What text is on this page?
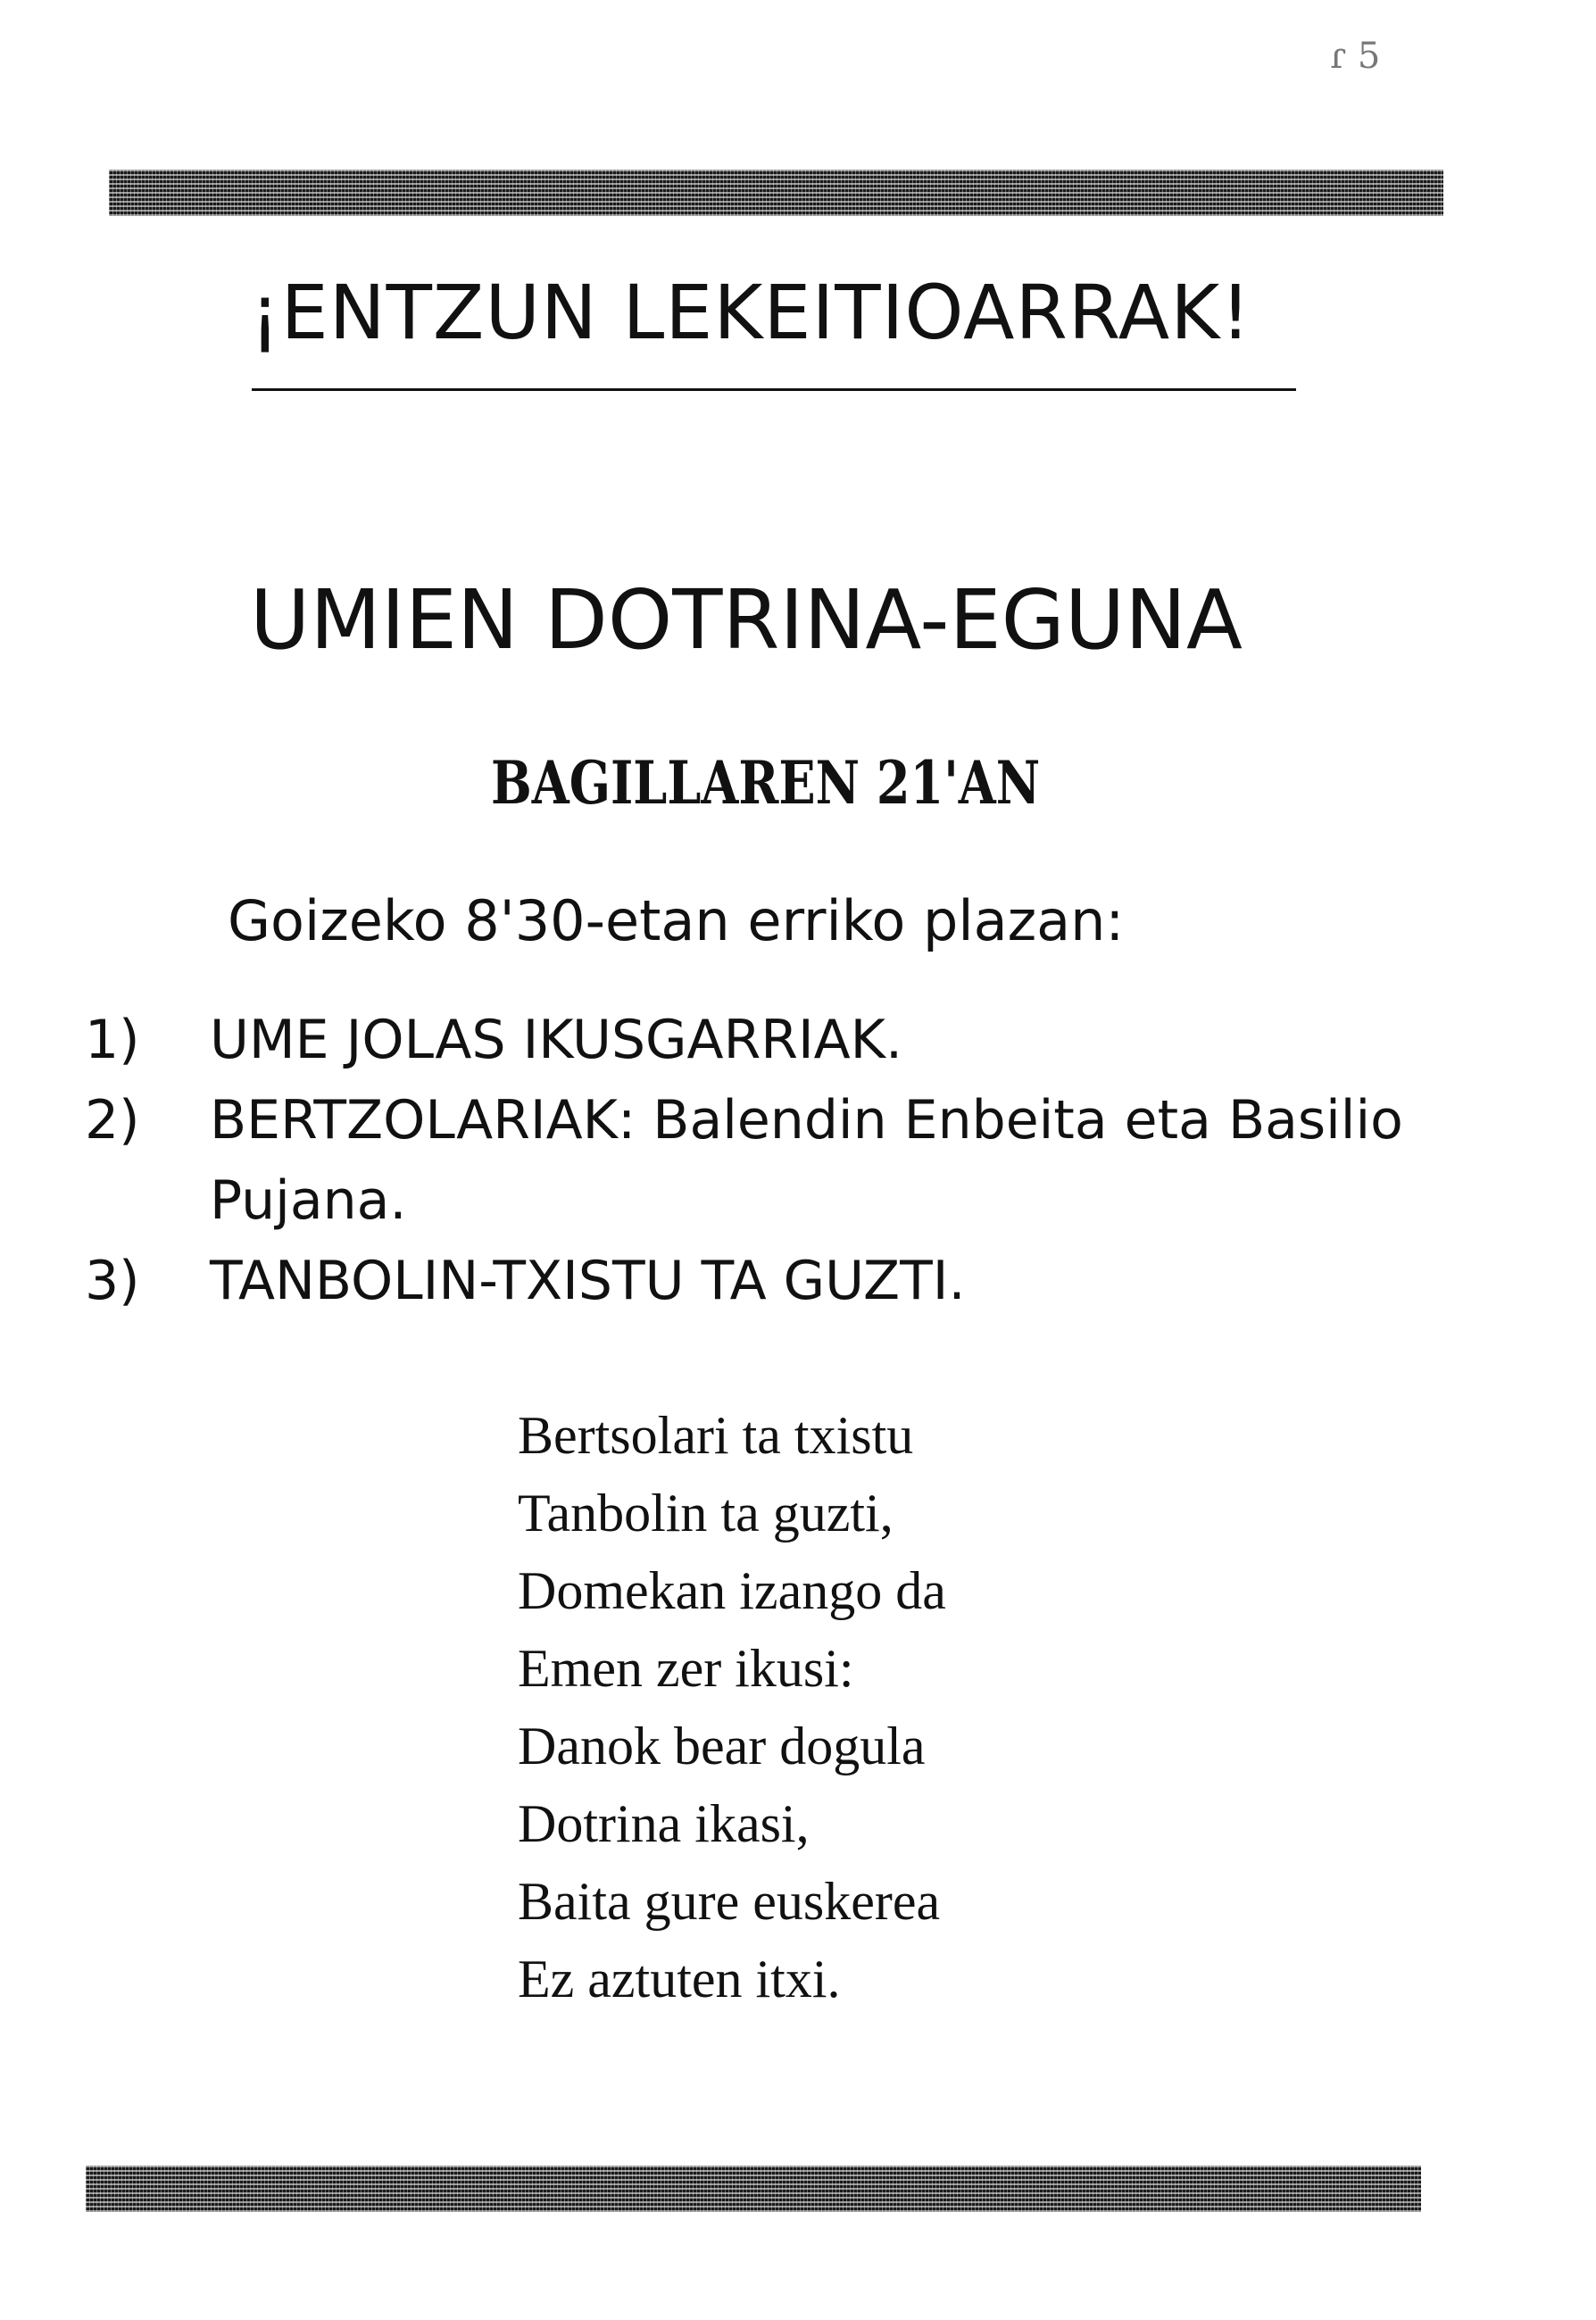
ɾ 5
¡ENTZUN LEKEITIOARRAK!
UMIEN DOTRINA-EGUNA
BAGILLAREN 21'AN
Goizeko 8'30-etan erriko plazan:
1)	UME JOLAS IKUSGARRIAK.
2)	BERTZOLARIAK: Balendin Enbeita eta Basilio Pujana.
3)	TANBOLIN-TXISTU TA GUZTI.
Bertsolari ta txistu
Tanbolin ta guzti,
Domekan izango da
Emen zer ikusi:
Danok bear dogula
Dotrina ikasi,
Baita gure euskerea
Ez aztuten itxi.
